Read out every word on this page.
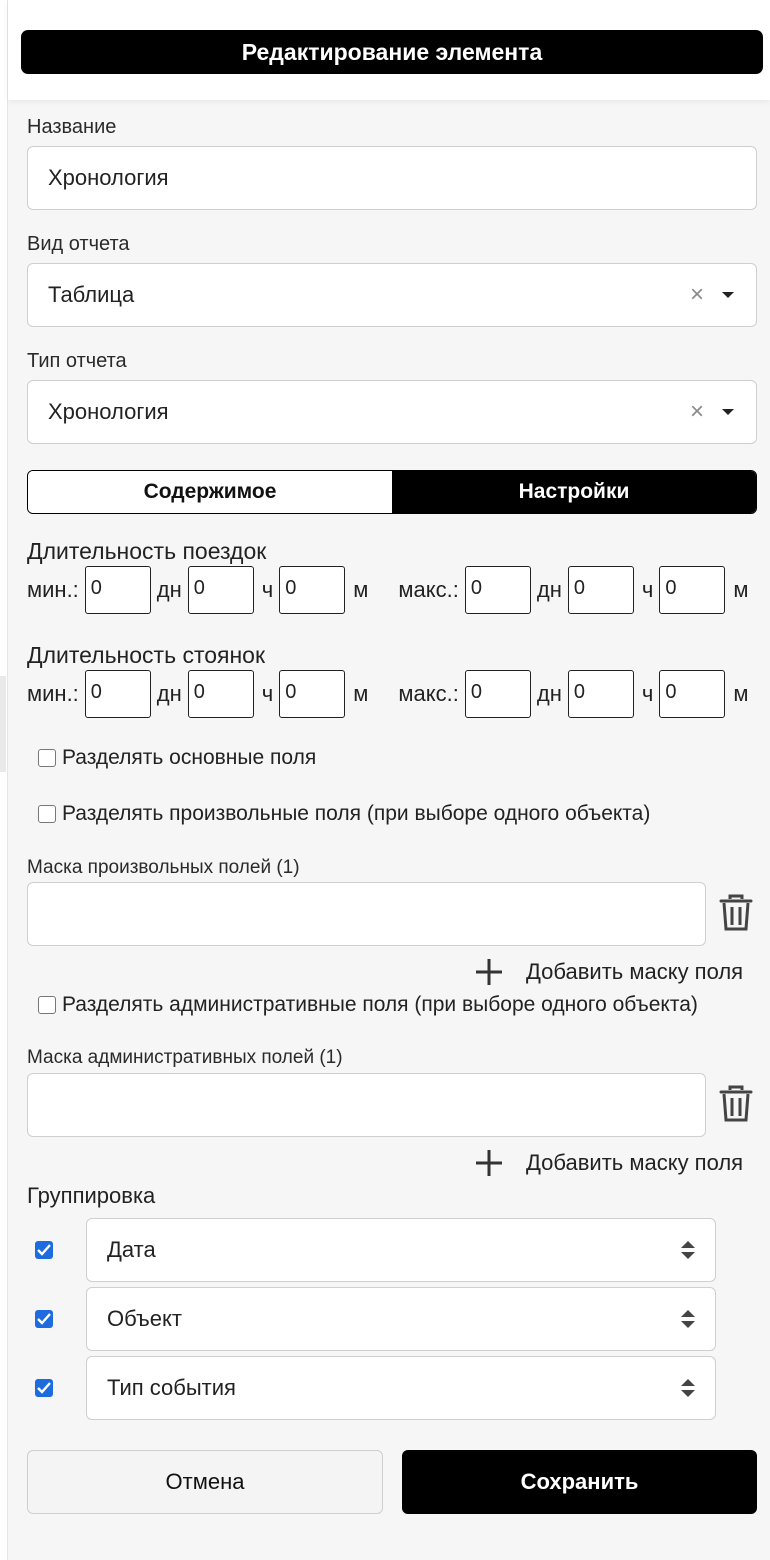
Редактирование элемента
Название
Хронология
Вид отчета
Таблица	×
Тип отчета
Хронология	×
Содержимое	Настройки
Длительность поездок
мин.: 0	дн 0	ч 0	м макс.: 0	дн 0	ч 0	м
Длительность стоянок
мин.: 0	дн 0	ч 0	м макс.: 0	дн 0	ч 0	м
Разделять основные поля
Разделять произвольные поля (при выборе одного объекта)
Маска произвольных полей (1)
Добавить маску поля
Разделять административные поля (при выборе одного объекта)
Маска административных полей (1)
Добавить маску поля
Группировка
Дата
Объект
Тип события
Отмена	Сохранить
